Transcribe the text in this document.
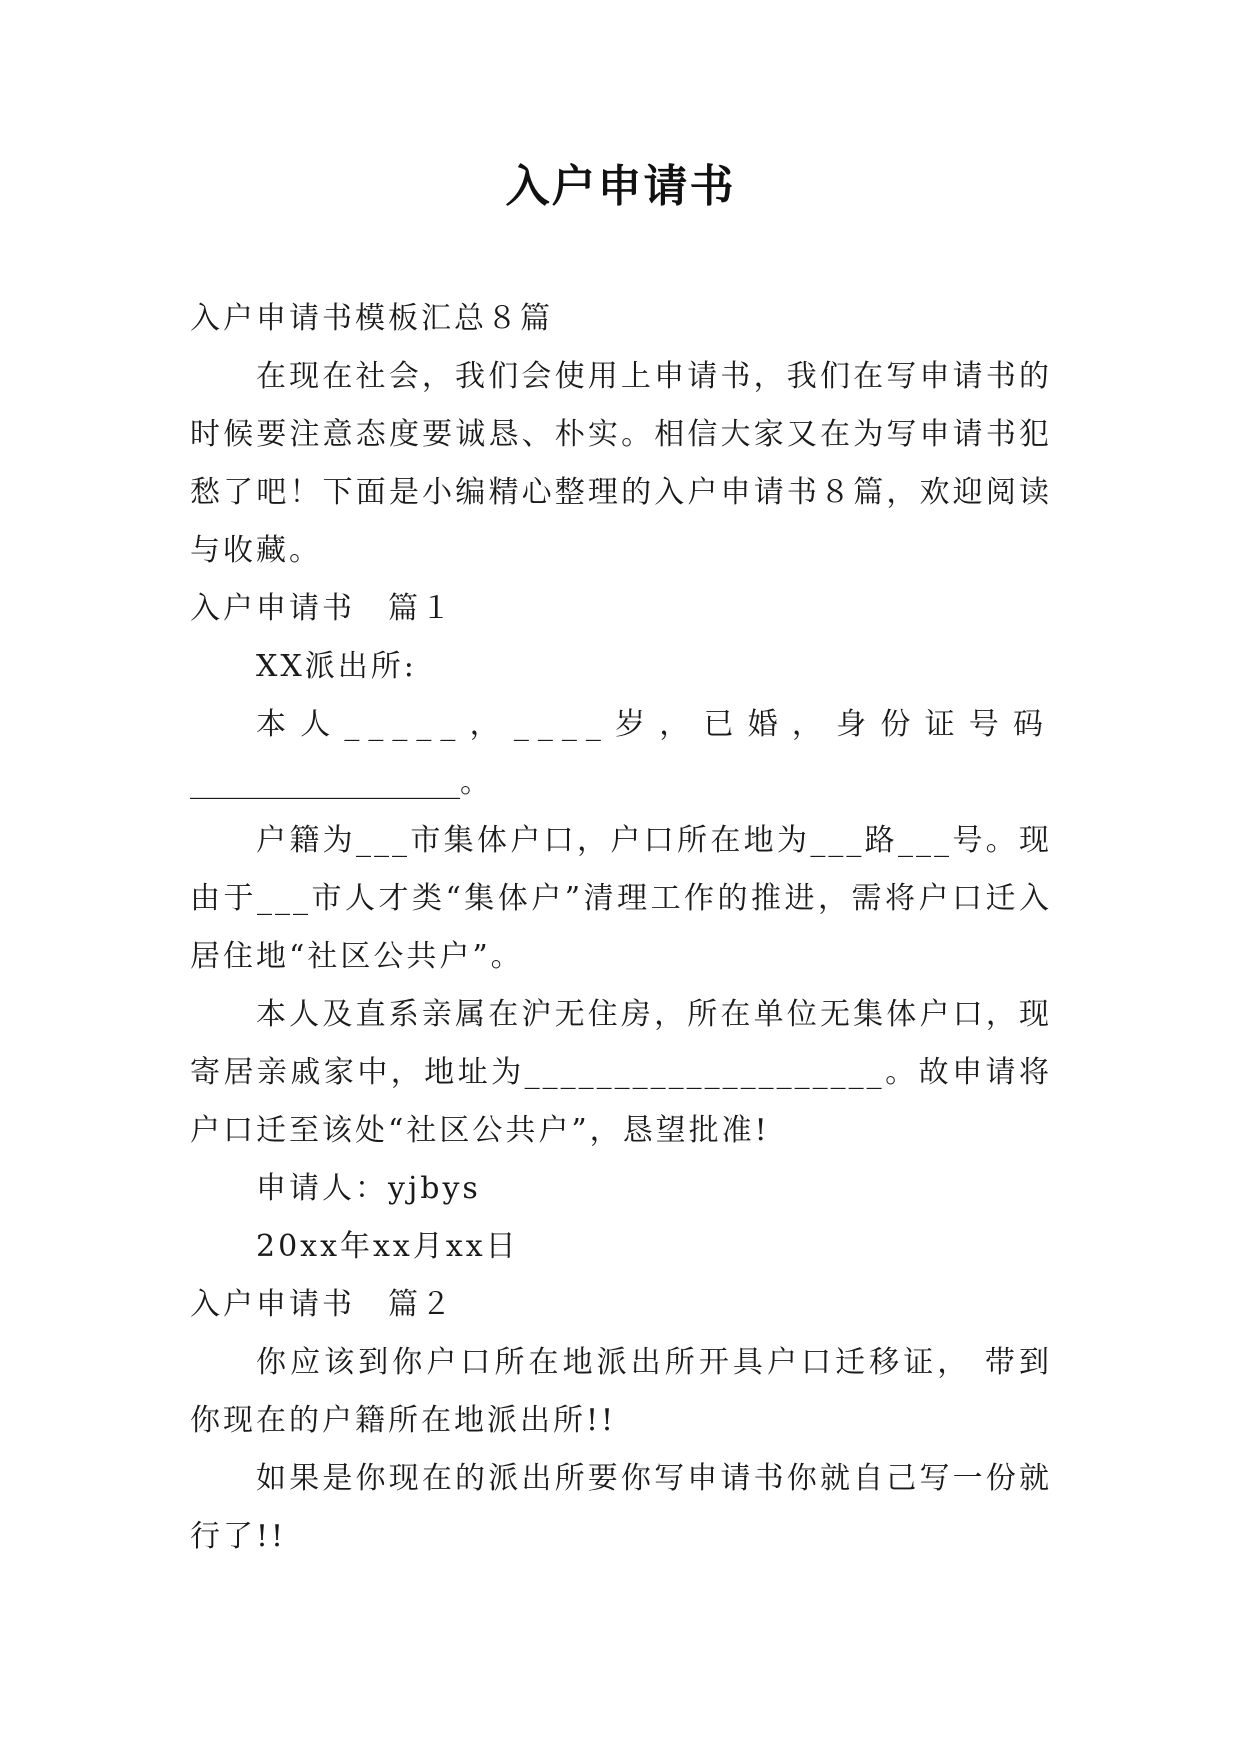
入户申请书

入户申请书模板汇总８篇

在现在社会，我们会使用上申请书，我们在写申请书的时候要注意态度要诚恳、朴实。相信大家又在为写申请书犯愁了吧！下面是小编精心整理的入户申请书８篇，欢迎阅读与收藏。

入户申请书　篇１

XX派出所:

本人_____，____岁，已婚，身份证号码

__________________。

户籍为___市集体户口，户口所在地为___路___号。现由于___市人才类“集体户”清理工作的推进，需将户口迁入居住地“社区公共户”。

本人及直系亲属在沪无住房，所在单位无集体户口，现寄居亲戚家中，地址为____________________。故申请将户口迁至该处“社区公共户”，恳望批准!

申请人：yjbys

20xx年xx月xx日

入户申请书　篇２

你应该到你户口所在地派出所开具户口迁移证， 带到你现在的户籍所在地派出所!!

如果是你现在的派出所要你写申请书你就自己写一份就行了!!
